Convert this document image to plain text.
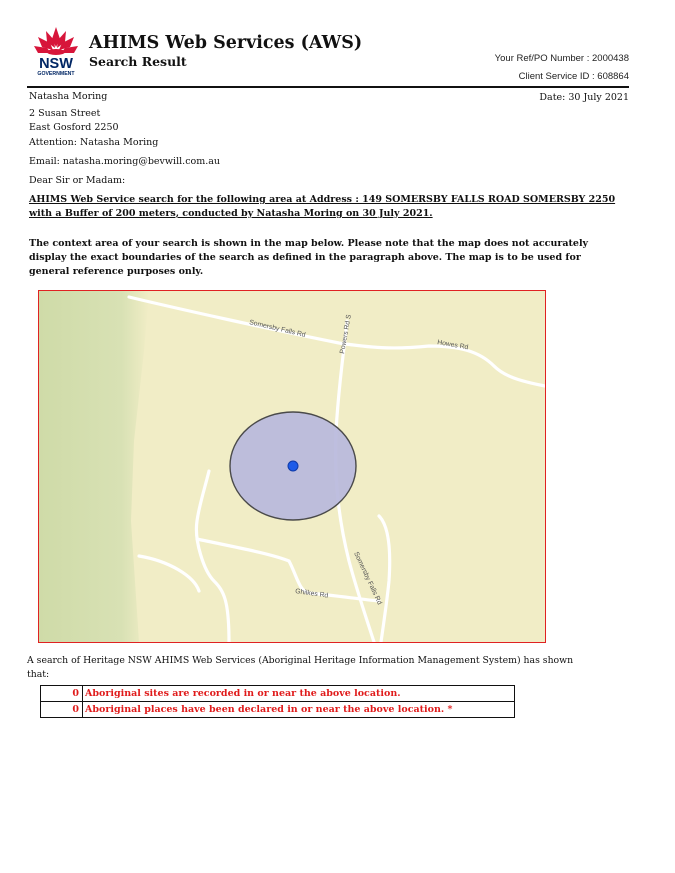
NSW
GOVERNMENT
AHIMS Web Services (AWS)
Search Result	Your Ref/PO Number : 2000438
Client Service ID : 608864
Natasha Moring	Date: 30 July 2021
2 Susan Street
East Gosford 2250
Attention: Natasha Moring
Email: natasha.moring@bevwill.com.au
Dear Sir or Madam:
AHIMS Web Service search for the following area at Address : 149 SOMERSBY FALLS ROAD SOMERSBY 2250
with a Buffer of 200 meters, conducted by Natasha Moring on 30 July 2021.
The context area of your search is shown in the map below. Please note that the map does not accurately
display the exact boundaries of the search as defined in the paragraph above. The map is to be used for
general reference purposes only.
Somersby Falls Rd
Howes Rd
Powers Rd S
Somersby Falls Rd
Ghilkes Rd
A search of Heritage NSW AHIMS Web Services (Aboriginal Heritage Information Management System) has shown
that:
0	Aboriginal sites are recorded in or near the above location.
0	Aboriginal places have been declared in or near the above location. *
